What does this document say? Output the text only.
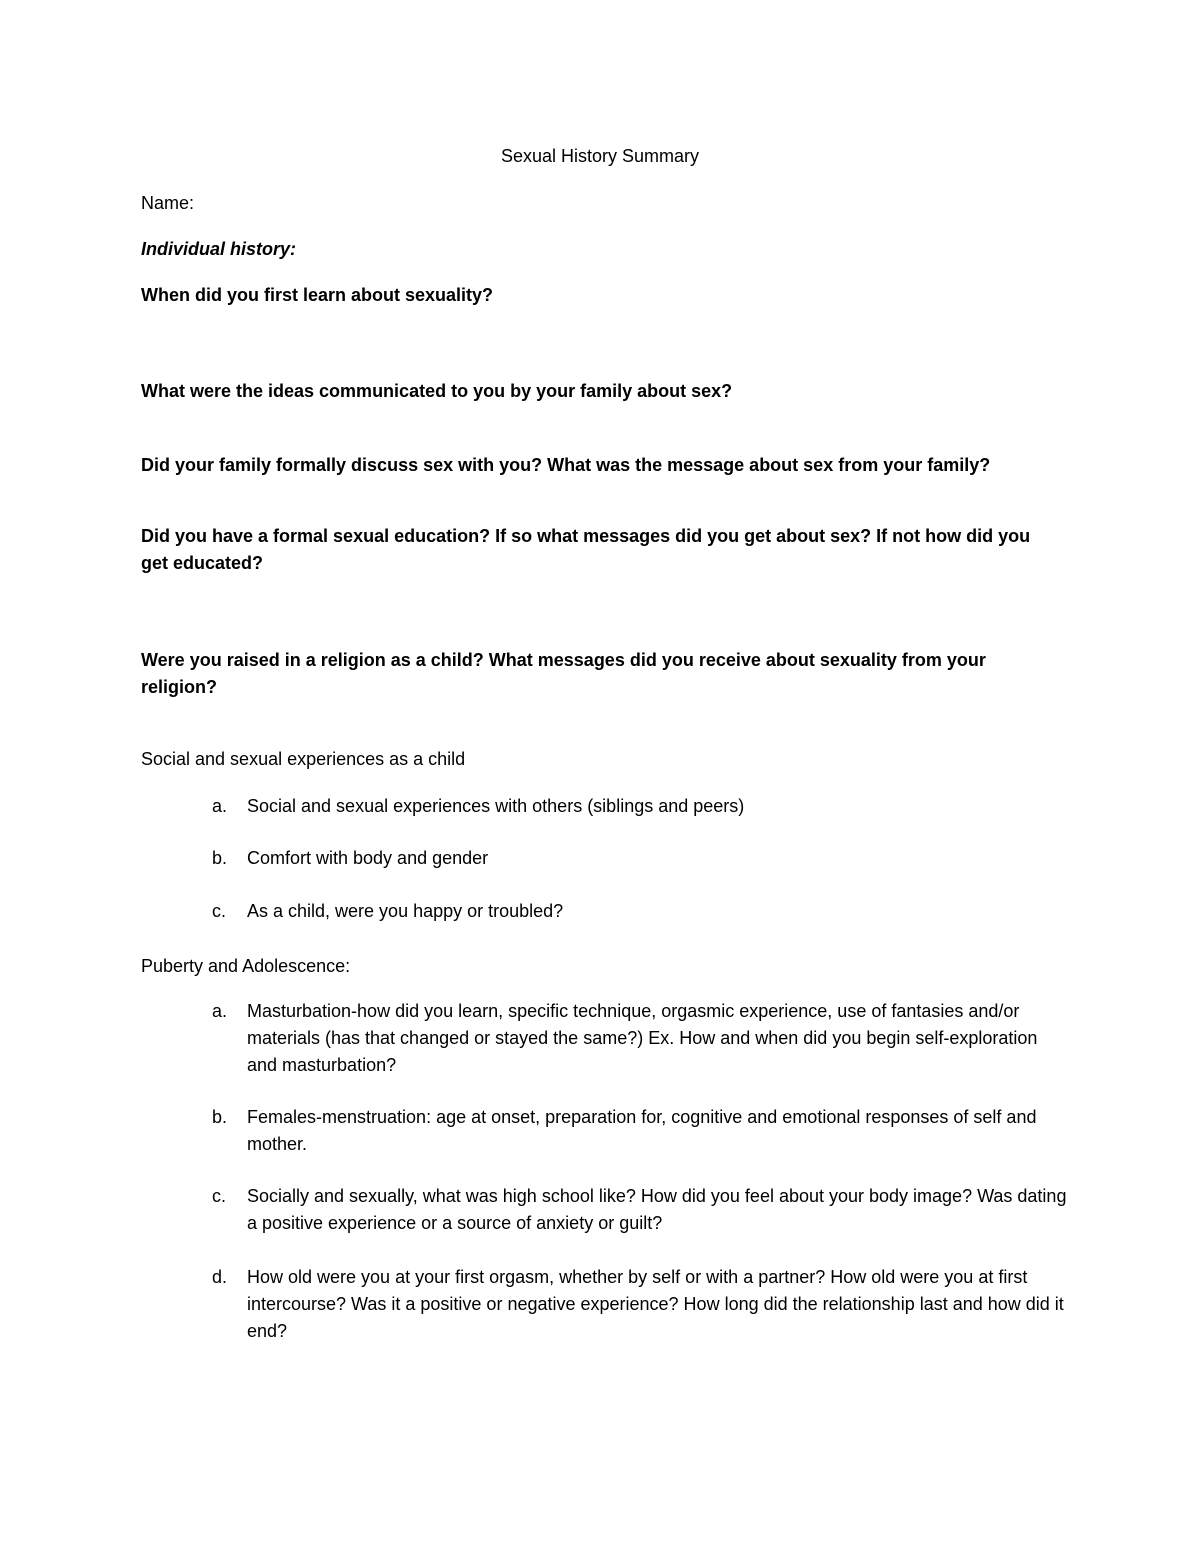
Sexual History Summary
Name:
Individual history:
When did you first learn about sexuality?
What were the ideas communicated to you by your family about sex?
Did your family formally discuss sex with you? What was the message about sex from your family?
Did you have a formal sexual education? If so what messages did you get about sex? If not how did you get educated?
Were you raised in a religion as a child? What messages did you receive about sexuality from your religion?
Social and sexual experiences as a child
a.	Social and sexual experiences with others (siblings and peers)
b.	Comfort with body and gender
c.	As a child, were you happy or troubled?
Puberty and Adolescence:
a.	Masturbation-how did you learn, specific technique, orgasmic experience, use of fantasies and/or materials (has that changed or stayed the same?) Ex. How and when did you begin self-exploration and masturbation?
b.	Females-menstruation: age at onset, preparation for, cognitive and emotional responses of self and mother.
c.	Socially and sexually, what was high school like? How did you feel about your body image? Was dating a positive experience or a source of anxiety or guilt?
d.	How old were you at your first orgasm, whether by self or with a partner? How old were you at first intercourse? Was it a positive or negative experience? How long did the relationship last and how did it end?
